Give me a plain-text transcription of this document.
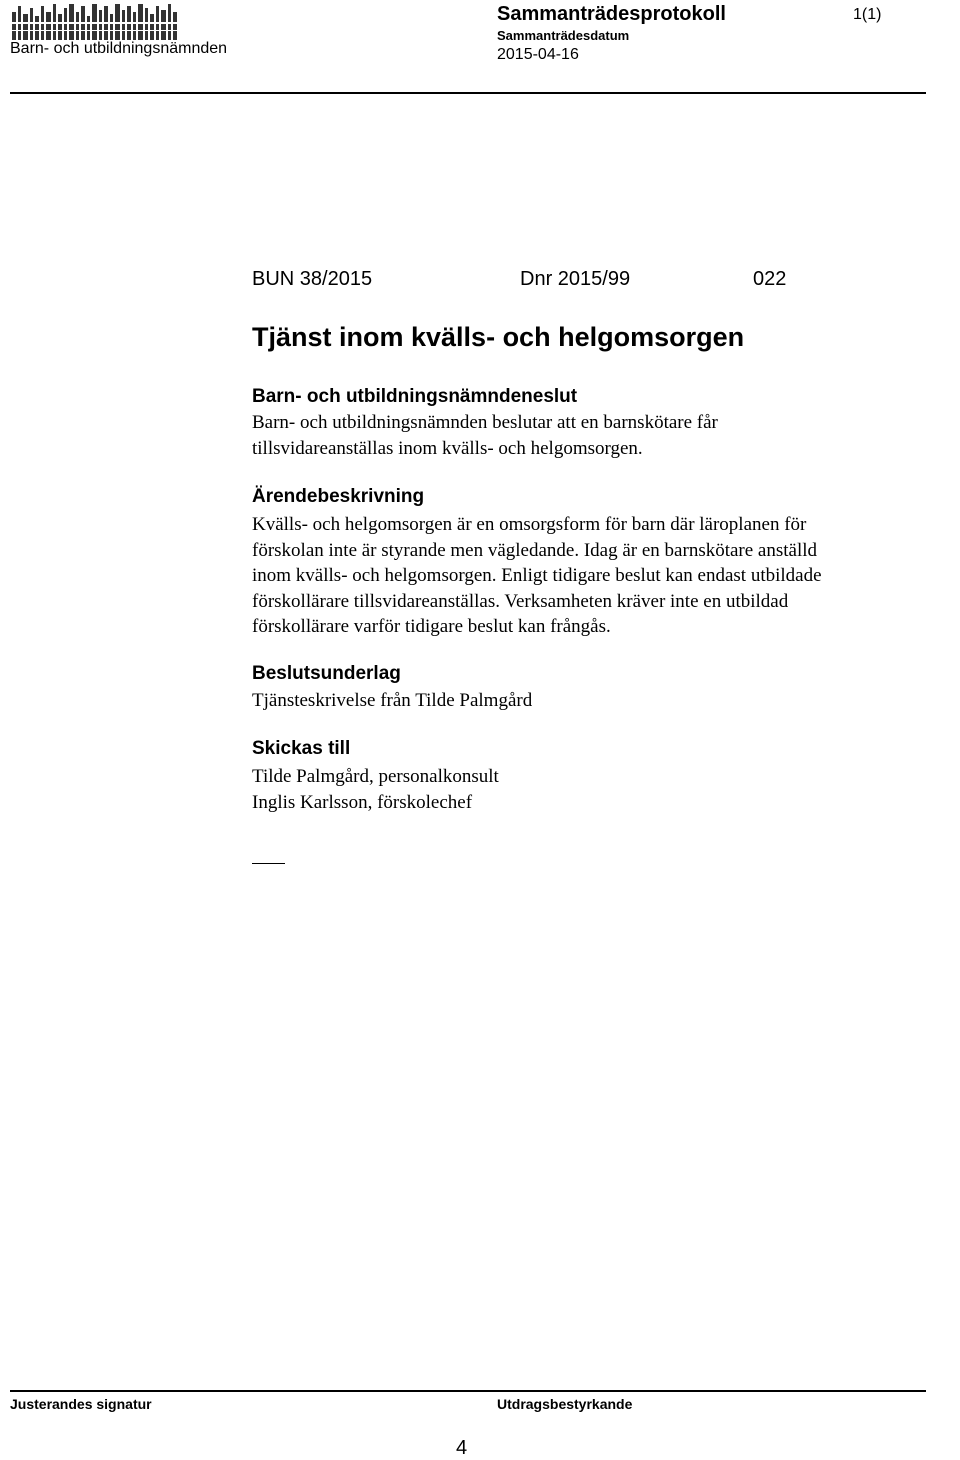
Sammanträdesprotokoll	1(1)
Sammanträdesdatum
2015-04-16
Barn- och utbildningsnämnden
BUN 38/2015	Dnr 2015/99	022
Tjänst inom kvälls- och helgomsorgen
Barn- och utbildningsnämndeneslut
Barn- och utbildningsnämnden beslutar att en barnskötare får
tillsvidareanställas inom kvälls- och helgomsorgen.
Ärendebeskrivning
Kvälls- och helgomsorgen är en omsorgsform för barn där läroplanen för
förskolan inte är styrande men vägledande. Idag är en barnskötare anställd
inom kvälls- och helgomsorgen. Enligt tidigare beslut kan endast utbildade
förskollärare tillsvidareanställas. Verksamheten kräver inte en utbildad
förskollärare varför tidigare beslut kan frångås.
Beslutsunderlag
Tjänsteskrivelse från Tilde Palmgård
Skickas till
Tilde Palmgård, personalkonsult
Inglis Karlsson, förskolechef
Justerandes signatur	Utdragsbestyrkande
4
